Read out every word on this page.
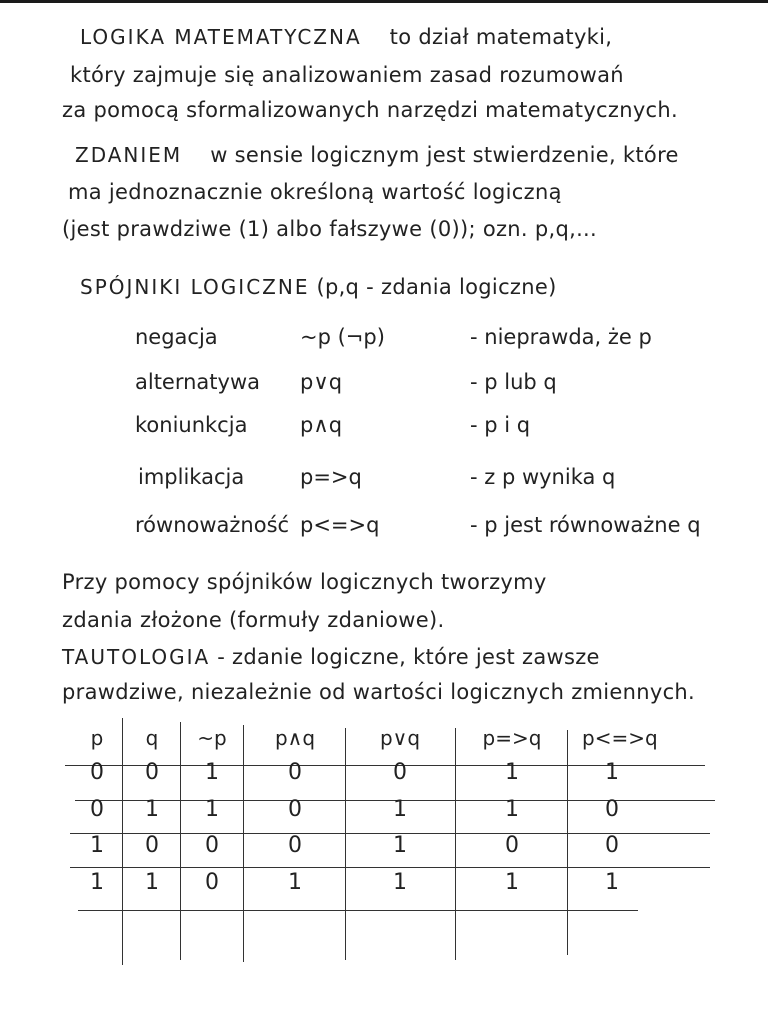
LOGIKA MATEMATYCZNA to dział matematyki,
który zajmuje się analizowaniem zasad rozumowań
za pomocą sformalizowanych narzędzi matematycznych.
ZDANIEM w sensie logicznym jest stwierdzenie, które
ma jednoznacznie określoną wartość logiczną
(jest prawdziwe (1) albo fałszywe (0)); ozn. p,q,...
SPÓJNIKI LOGICZNE (p,q - zdania logiczne)
negacja	~p (¬p)	- nieprawda, że p
alternatywa p∨q	- p lub q
koniunkcja	p∧q	- p i q
implikacja	p=>q	- z p wynika q
równoważność p<=>q	- p jest równoważne q
Przy pomocy spójników logicznych tworzymy
zdania złożone (formuły zdaniowe).
TAUTOLOGIA - zdanie logiczne, które jest zawsze
prawdziwe, niezależnie od wartości logicznych zmiennych.
p	q	~p	p∧q	p∨q	p=>q p<=>q
0	0	1	0	0	1	1
0	1	1	0	1	1	0
1	0	0	0	1	0	0
1	1	0	1	1	1	1
